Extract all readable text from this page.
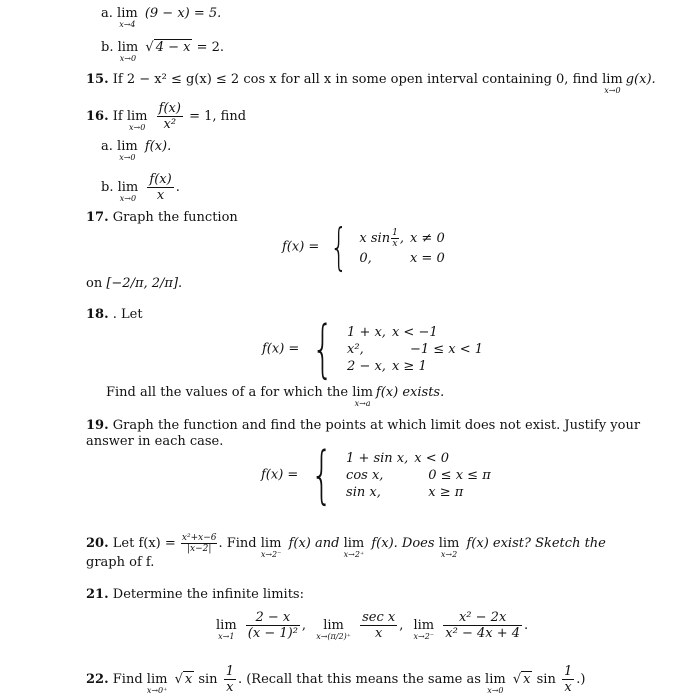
a. lim
x→4
(9 − x) = 5.
b. lim
x→0
√ 4 − x = 2.
15. If 2 − x² ≤ g(x) ≤ 2 cos x for all x in some open interval containing 0, find lim
x→0
g(x).
16. If lim
x→0
$\frac{f(x)}{\text{x²}} = 1$, find
a. lim
x→0
f(x).
b. lim
x→0
$\frac{f(x)}{x}$ .
17. Graph the function
f(x) = { x $\sin \frac{1}{x}$ ,	x ≠ 0
0,	x = 0
on [−2/π, 2/π].
18. . Let
f(x) = { 1 + x,	x < −1
x²,	−1 ≤ x < 1
2 − x,	x ≥ 1
Find all the values of a for which the lim
x→a
f(x) exists.
19. Graph the function and find the points at which limit does not exist. Justify your
answer in each case.
f(x) = { 1 + sin x,	x < 0
cos x,	0 ≤ x ≤ π
sin x,	x ≥ π
20. Let $f(x) = \frac{\text{x²+x−6}}{|x-2|}$ . Find lim
x→2⁻
f(x) and lim
x→2⁺
f(x). Does lim
x→2
f(x) exist? Sketch the
graph of f.
21. Determine the infinite limits:
lim
x→1
$\frac{2 - x}{\text{(x − 1)²}}$ ,	lim
x→(π/2)⁺
$\frac{\text{sec x}}{x}$ , lim
x→2⁻
$\frac{\text{x² − 2x}}{\text{x² − 4x + 4}}$ .
22. Find lim
x→0⁺
√ x $\sin \frac{1}{x}$ . (Recall that this means the same as lim
x→0
√ x $\sin \frac{1}{x}$ .)
